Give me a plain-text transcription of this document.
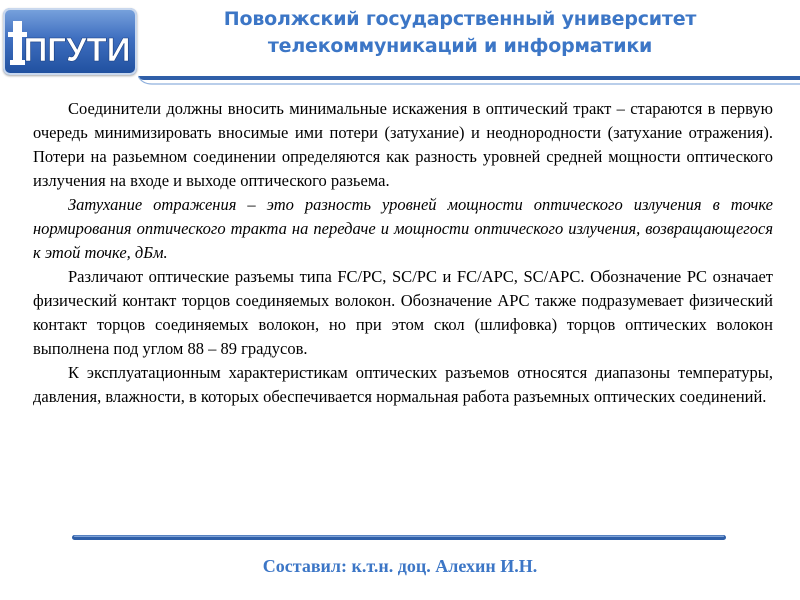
ПГУТИ
Поволжский государственный университет
телекоммуникаций и информатики

Соединители должны вносить минимальные искажения в оптический тракт – стараются в первую очередь минимизировать вносимые ими потери (затухание) и неоднородности (затухание отражения). Потери на разьемном соединении определяются как разность уровней средней мощности оптического излучения на входе и выходе оптического разьема.

Затухание отражения – это разность уровней мощности оптического излучения в точке нормирования оптического тракта на передаче и мощности оптического излучения, возвращающегося к этой точке, дБм.

Различают оптические разъемы типа FC/PC, SC/PC и FC/APC, SC/APC. Обозначение PC означает физический контакт торцов соединяемых волокон. Обозначение APC также подразумевает физический контакт торцов соединяемых волокон, но при этом скол (шлифовка) торцов оптических волокон выполнена под углом 88 – 89 градусов.

К эксплуатационным характеристикам оптических разъемов относятся диапазоны температуры, давления, влажности, в которых обеспечивается нормальная работа разъемных оптических соединений.

Составил: к.т.н. доц. Алехин И.Н.
